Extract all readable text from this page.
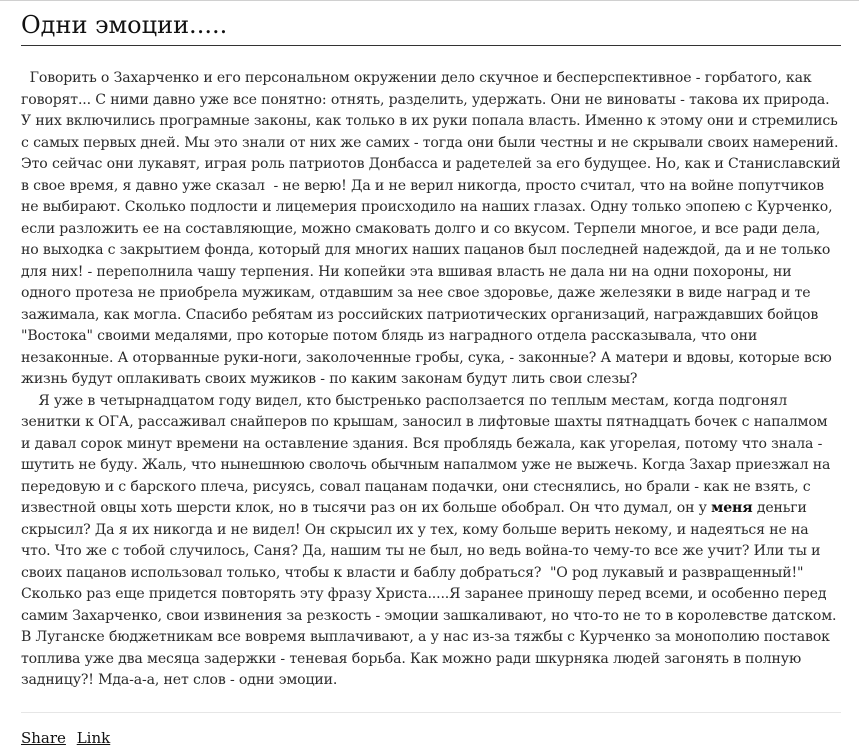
Одни эмоции.....

Говорить о Захарченко и его персональном окружении дело скучное и бесперспективное - горбатого, как говорят... С ними давно уже все понятно: отнять, разделить, удержать. Они не виноваты - такова их природа. У них включились програмные законы, как только в их руки попала власть. Именно к этому они и стремились с самых первых дней. Мы это знали от них же самих - тогда они были честны и не скрывали своих намерений. Это сейчас они лукавят, играя роль патриотов Донбасса и радетелей за его будущее. Но, как и Станиславский в свое время, я давно уже сказал  - не верю! Да и не верил никогда, просто считал, что на войне попутчиков не выбирают. Сколько подлости и лицемерия происходило на наших глазах. Одну только эпопею с Курченко, если разложить ее на составляющие, можно смаковать долго и со вкусом. Терпели многое, и все ради дела, но выходка с закрытием фонда, который для многих наших пацанов был последней надеждой, да и не только для них! - переполнила чашу терпения. Ни копейки эта вшивая власть не дала ни на одни похороны, ни одного протеза не приобрела мужикам, отдавшим за нее свое здоровье, даже железяки в виде наград и те зажимала, как могла. Спасибо ребятам из российских патриотических организаций, награждавших бойцов "Востока" своими медалями, про которые потом блядь из наградного отдела рассказывала, что они незаконные. А оторванные руки-ноги, заколоченные гробы, сука, - законные? А матери и вдовы, которые всю жизнь будут оплакивать своих мужиков - по каким законам будут лить свои слезы?

Я уже в четырнадцатом году видел, кто быстренько расползается по теплым местам, когда подгонял зенитки к ОГА, рассаживал снайперов по крышам, заносил в лифтовые шахты пятнадцать бочек с напалмом и давал сорок минут времени на оставление здания. Вся проблядь бежала, как угорелая, потому что знала - шутить не буду. Жаль, что нынешнюю сволочь обычным напалмом уже не выжечь. Когда Захар приезжал на передовую и с барского плеча, рисуясь, совал пацанам подачки, они стеснялись, но брали - как не взять, с известной овцы хоть шерсти клок, но в тысячи раз он их больше обобрал. Он что думал, он у меня деньги скрысил? Да я их никогда и не видел! Он скрысил их у тех, кому больше верить некому, и надеяться не на что. Что же с тобой случилось, Саня? Да, нашим ты не был, но ведь война-то чему-то все же учит? Или ты и своих пацанов использовал только, чтобы к власти и баблу добраться?  "О род лукавый и развращенный!" Сколько раз еще придется повторять эту фразу Христа.....Я заранее приношу перед всеми, и особенно перед самим Захарченко, свои извинения за резкость - эмоции зашкаливают, но что-то не то в королевстве датском. В Луганске бюджетникам все вовремя выплачивают, а у нас из-за тяжбы с Курченко за монополию поставок топлива уже два месяца задержки - теневая борьба. Как можно ради шкурняка людей загонять в полную задницу?! Мда-а-а, нет слов - одни эмоции.

Share Link
